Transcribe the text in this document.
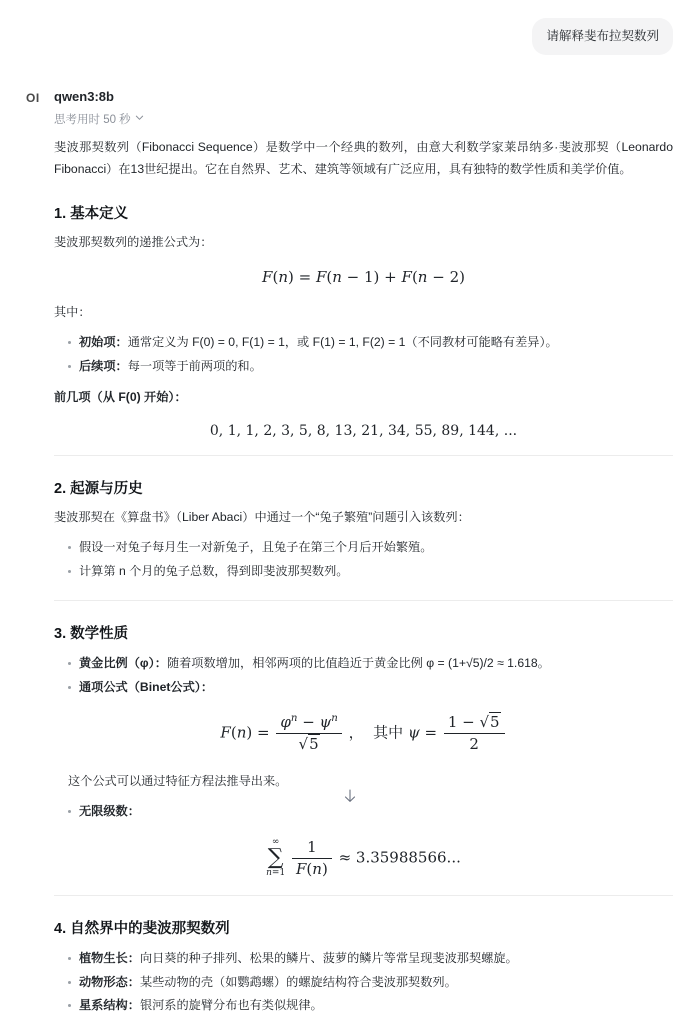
请解释斐布拉契数列
OI	qwen3:8b
思考用时 50 秒

斐波那契数列（Fibonacci Sequence）是数学中一个经典的数列，由意大利数学家莱昂纳多·斐波那契（Leonardo Fibonacci）在13世纪提出。它在自然界、艺术、建筑等领域有广泛应用，具有独特的数学性质和美学价值。

1. 基本定义
斐波那契数列的递推公式为：
F(n) = F(n − 1) + F(n − 2)
其中：
初始项：通常定义为 F(0) = 0, F(1) = 1，或 F(1) = 1, F(2) = 1（不同教材可能略有差异）。
后续项：每一项等于前两项的和。
前几项（从 F(0) 开始）：
0, 1, 1, 2, 3, 5, 8, 13, 21, 34, 55, 89, 144, ...
2. 起源与历史
斐波那契在《算盘书》（Liber Abaci）中通过一个“兔子繁殖”问题引入该数列：
假设一对兔子每月生一对新兔子，且兔子在第三个月后开始繁殖。
计算第 n 个月的兔子总数，得到即斐波那契数列。
3. 数学性质
黄金比例（φ）：随着项数增加，相邻两项的比值趋近于黄金比例 φ = (1+√5)/2 ≈ 1.618。
通项公式（Binet公式）：
$F(n) = \frac{\varphi^n - \psi^n}{√5}$ ，  其中 $\psi = \frac{1 - √5}{2}$
这个公式可以通过特征方程法推导出来。
无限级数：
∞
∑
n=1
$\frac{1}{F(n)} \approx 3.35988566$...
4. 自然界中的斐波那契数列
植物生长：向日葵的种子排列、松果的鳞片、菠萝的鳞片等常呈现斐波那契螺旋。
动物形态：某些动物的壳（如鹦鹉螺）的螺旋结构符合斐波那契数列。
星系结构：银河系的旋臂分布也有类似规律。
